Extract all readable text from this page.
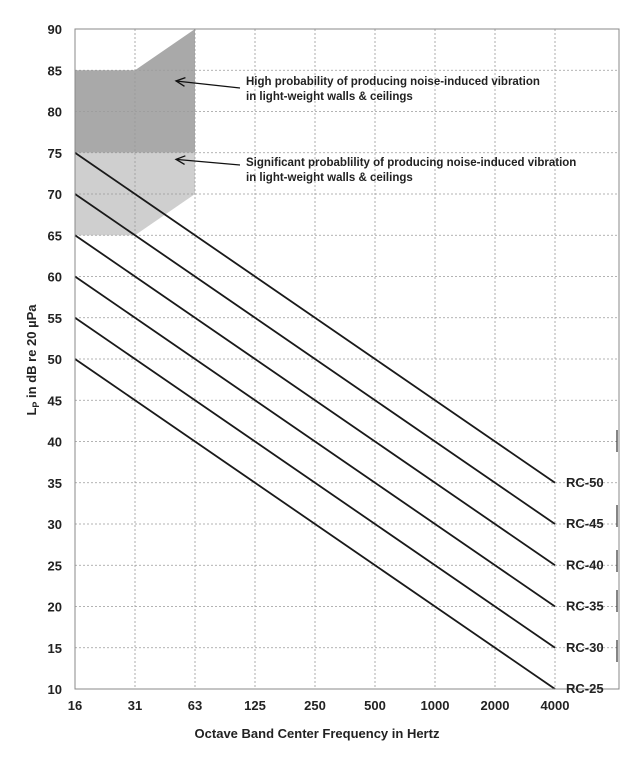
10
15
20
25
30
35
40
45
50
55
60
65
70
75
80
85
90
16	31	63	125	250	500	1000 2000 4000
RC-50
RC-45
RC-40
RC-35
RC-30
RC-25
High probability of producing noise-induced vibration
in light-weight walls & ceilings
Significant probablility of producing noise-induced vibration
in light-weight walls & ceilings
Octave Band Center Frequency in Hertz
$L_P$ in dB re 20 µPa
